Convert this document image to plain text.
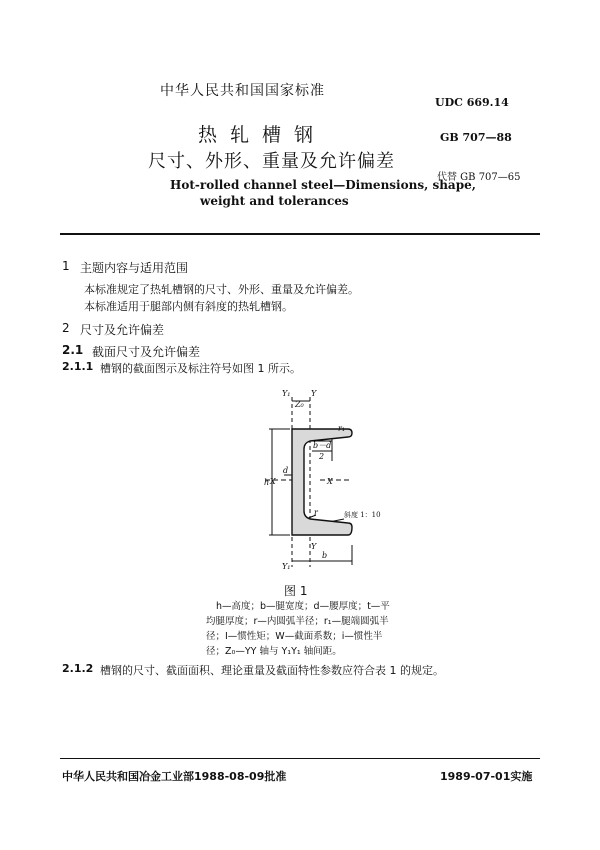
中华人民共和国国家标准
UDC 669.14
热轧槽钢
尺寸、外形、重量及允许偏差
GB 707—88
代替 GB 707—65
Hot-rolled channel steel—Dimensions, shape,
weight and tolerances
1 主题内容与适用范围
本标准规定了热轧槽钢的尺寸、外形、重量及允许偏差。
本标准适用于腿部内侧有斜度的热轧槽钢。
2 尺寸及允许偏差
2.1 截面尺寸及允许偏差
2.1.1 槽钢的截面图示及标注符号如图 1 所示。
Y₁
Z₀
Y
r₁
b－d
2
d
X	X
h
r	斜度 1：10
Y
Y₁
b
图 1
h—高度；b—腿宽度；d—腰厚度；t—平
均腿厚度；r—内圆弧半径；r₁—腿端圆弧半
径；I—惯性矩；W—截面系数；i—惯性半
径；Z₀—YY 轴与 Y₁Y₁ 轴间距。
2.1.2 槽钢的尺寸、截面面积、理论重量及截面特性参数应符合表 1 的规定。
中华人民共和国冶金工业部1988-08-09批准	1989-07-01实施
